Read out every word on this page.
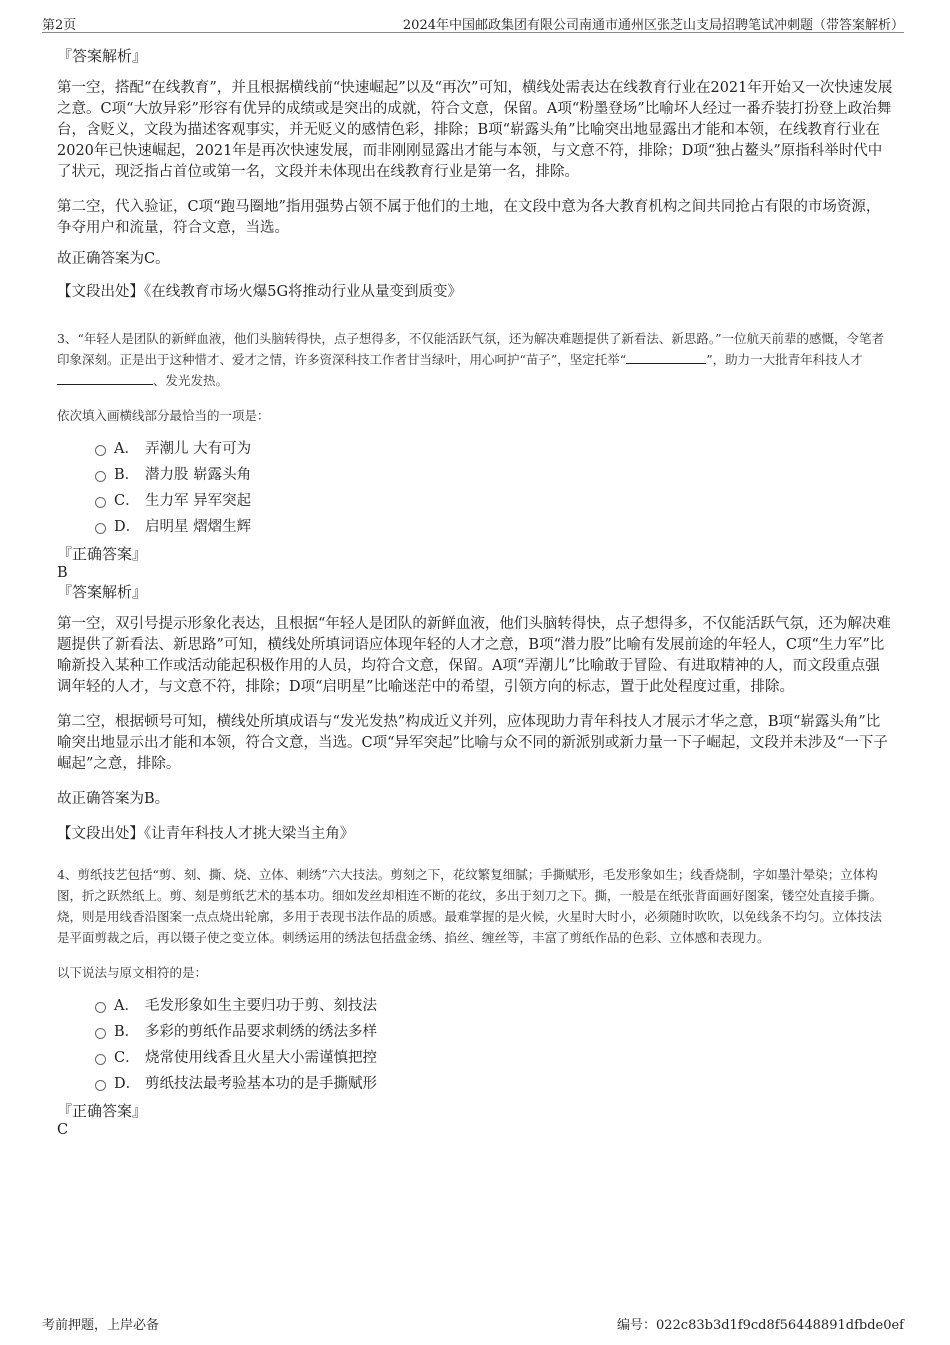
第2页	2024年中国邮政集团有限公司南通市通州区张芝山支局招聘笔试冲刺题（带答案解析）
『答案解析』

第一空，搭配“在线教育”，并且根据横线前“快速崛起”以及“再次”可知，横线处需表达在线教育行业在2021年开始又一次快速发展之意。C项“大放异彩”形容有优异的成绩或是突出的成就，符合文意，保留。A项“粉墨登场”比喻坏人经过一番乔装打扮登上政治舞台，含贬义，文段为描述客观事实，并无贬义的感情色彩，排除；B项“崭露头角”比喻突出地显露出才能和本领，在线教育行业在2020年已快速崛起，2021年是再次快速发展，而非刚刚显露出才能与本领，与文意不符，排除；D项“独占鳌头”原指科举时代中了状元，现泛指占首位或第一名，文段并未体现出在线教育行业是第一名，排除。

第二空，代入验证，C项“跑马圈地”指用强势占领不属于他们的土地，在文段中意为各大教育机构之间共同抢占有限的市场资源，争夺用户和流量，符合文意，当选。

故正确答案为C。

【文段出处】《在线教育市场火爆5G将推动行业从量变到质变》

3、“年轻人是团队的新鲜血液，他们头脑转得快，点子想得多，不仅能活跃气氛，还为解决难题提供了新看法、新思路。”一位航天前辈的感慨，令笔者印象深刻。正是出于这种惜才、爱才之情，许多资深科技工作者甘当绿叶，用心呵护“苗子”，坚定托举“	”，助力一大批青年科技人才、发光发热。

依次填入画横线部分最恰当的一项是：

A． 弄潮儿 大有可为
B． 潜力股 崭露头角
C． 生力军 异军突起
D． 启明星 熠熠生辉
『正确答案』
B
『答案解析』

第一空，双引号提示形象化表达，且根据“年轻人是团队的新鲜血液，他们头脑转得快，点子想得多，不仅能活跃气氛，还为解决难题提供了新看法、新思路”可知，横线处所填词语应体现年轻的人才之意，B项“潜力股”比喻有发展前途的年轻人，C项“生力军”比喻新投入某种工作或活动能起积极作用的人员，均符合文意，保留。A项“弄潮儿”比喻敢于冒险、有进取精神的人，而文段重点强调年轻的人才，与文意不符，排除；D项“启明星”比喻迷茫中的希望，引领方向的标志，置于此处程度过重，排除。

第二空，根据顿号可知，横线处所填成语与“发光发热”构成近义并列，应体现助力青年科技人才展示才华之意，B项“崭露头角”比喻突出地显示出才能和本领，符合文意，当选。C项“异军突起”比喻与众不同的新派别或新力量一下子崛起，文段并未涉及“一下子崛起”之意，排除。

故正确答案为B。

【文段出处】《让青年科技人才挑大梁当主角》

4、剪纸技艺包括“剪、刻、撕、烧、立体、刺绣”六大技法。剪刻之下，花纹繁复细腻；手撕赋形，毛发形象如生；线香烧制，字如墨汁晕染；立体构图，折之跃然纸上。剪、刻是剪纸艺术的基本功。细如发丝却相连不断的花纹，多出于刻刀之下。撕，一般是在纸张背面画好图案，镂空处直接手撕。烧，则是用线香沿图案一点点烧出轮廓，多用于表现书法作品的质感。最难掌握的是火候，火星时大时小，必须随时吹吹，以免线条不均匀。立体技法是平面剪裁之后，再以镊子使之变立体。刺绣运用的绣法包括盘金绣、掐丝、缠丝等，丰富了剪纸作品的色彩、立体感和表现力。

以下说法与原文相符的是：

A． 毛发形象如生主要归功于剪、刻技法
B． 多彩的剪纸作品要求刺绣的绣法多样
C． 烧常使用线香且火星大小需谨慎把控
D． 剪纸技法最考验基本功的是手撕赋形
『正确答案』
C
考前押题，上岸必备	编号：022c83b3d1f9cd8f56448891dfbde0ef
